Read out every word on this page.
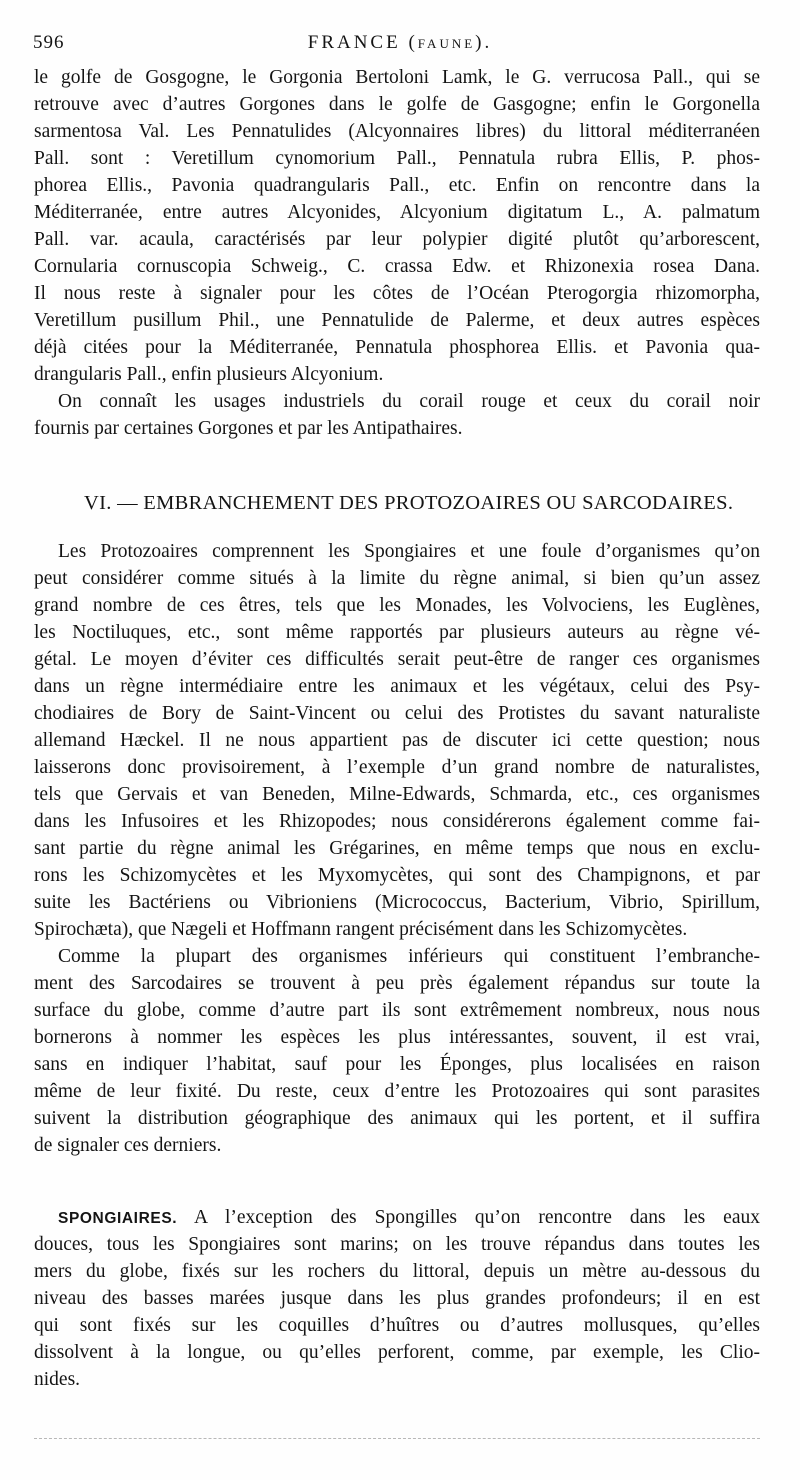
596	FRANCE (FAUNE).
le golfe de Gosgogne, le Gorgonia Bertoloni Lamk, le G. verrucosa Pall., qui se
retrouve avec d’autres Gorgones dans le golfe de Gasgogne; enfin le Gorgonella
sarmentosa Val. Les Pennatulides (Alcyonnaires libres) du littoral méditerranéen
Pall. sont : Veretillum cynomorium Pall., Pennatula rubra Ellis, P. phos-
phorea Ellis., Pavonia quadrangularis Pall., etc. Enfin on rencontre dans la
Méditerranée, entre autres Alcyonides, Alcyonium digitatum L., A. palmatum
Pall. var. acaula, caractérisés par leur polypier digité plutôt qu’arborescent,
Cornularia cornuscopia Schweig., C. crassa Edw. et Rhizonexia rosea Dana.
Il nous reste à signaler pour les côtes de l’Océan Pterogorgia rhizomorpha,
Veretillum pusillum Phil., une Pennatulide de Palerme, et deux autres espèces
déjà citées pour la Méditerranée, Pennatula phosphorea Ellis. et Pavonia qua-
drangularis Pall., enfin plusieurs Alcyonium.
On connaît les usages industriels du corail rouge et ceux du corail noir
fournis par certaines Gorgones et par les Antipathaires.
VI. — EMBRANCHEMENT DES PROTOZOAIRES OU SARCODAIRES.
Les Protozoaires comprennent les Spongiaires et une foule d’organismes qu’on
peut considérer comme situés à la limite du règne animal, si bien qu’un assez
grand nombre de ces êtres, tels que les Monades, les Volvociens, les Euglènes,
les Noctiluques, etc., sont même rapportés par plusieurs auteurs au règne vé-
gétal. Le moyen d’éviter ces difficultés serait peut-être de ranger ces organismes
dans un règne intermédiaire entre les animaux et les végétaux, celui des Psy-
chodiaires de Bory de Saint-Vincent ou celui des Protistes du savant naturaliste
allemand Hæckel. Il ne nous appartient pas de discuter ici cette question; nous
laisserons donc provisoirement, à l’exemple d’un grand nombre de naturalistes,
tels que Gervais et van Beneden, Milne-Edwards, Schmarda, etc., ces organismes
dans les Infusoires et les Rhizopodes; nous considérerons également comme fai-
sant partie du règne animal les Grégarines, en même temps que nous en exclu-
rons les Schizomycètes et les Myxomycètes, qui sont des Champignons, et par
suite les Bactériens ou Vibrioniens (Micrococcus, Bacterium, Vibrio, Spirillum,
Spirochæta), que Nægeli et Hoffmann rangent précisément dans les Schizomycètes.
Comme la plupart des organismes inférieurs qui constituent l’embranche-
ment des Sarcodaires se trouvent à peu près également répandus sur toute la
surface du globe, comme d’autre part ils sont extrêmement nombreux, nous nous
bornerons à nommer les espèces les plus intéressantes, souvent, il est vrai,
sans en indiquer l’habitat, sauf pour les Éponges, plus localisées en raison
même de leur fixité. Du reste, ceux d’entre les Protozoaires qui sont parasites
suivent la distribution géographique des animaux qui les portent, et il suffira
de signaler ces derniers.
SPONGIAIRES. A l’exception des Spongilles qu’on rencontre dans les eaux
douces, tous les Spongiaires sont marins; on les trouve répandus dans toutes les
mers du globe, fixés sur les rochers du littoral, depuis un mètre au-dessous du
niveau des basses marées jusque dans les plus grandes profondeurs; il en est
qui sont fixés sur les coquilles d’huîtres ou d’autres mollusques, qu’elles
dissolvent à la longue, ou qu’elles perforent, comme, par exemple, les Clio-
nides.
